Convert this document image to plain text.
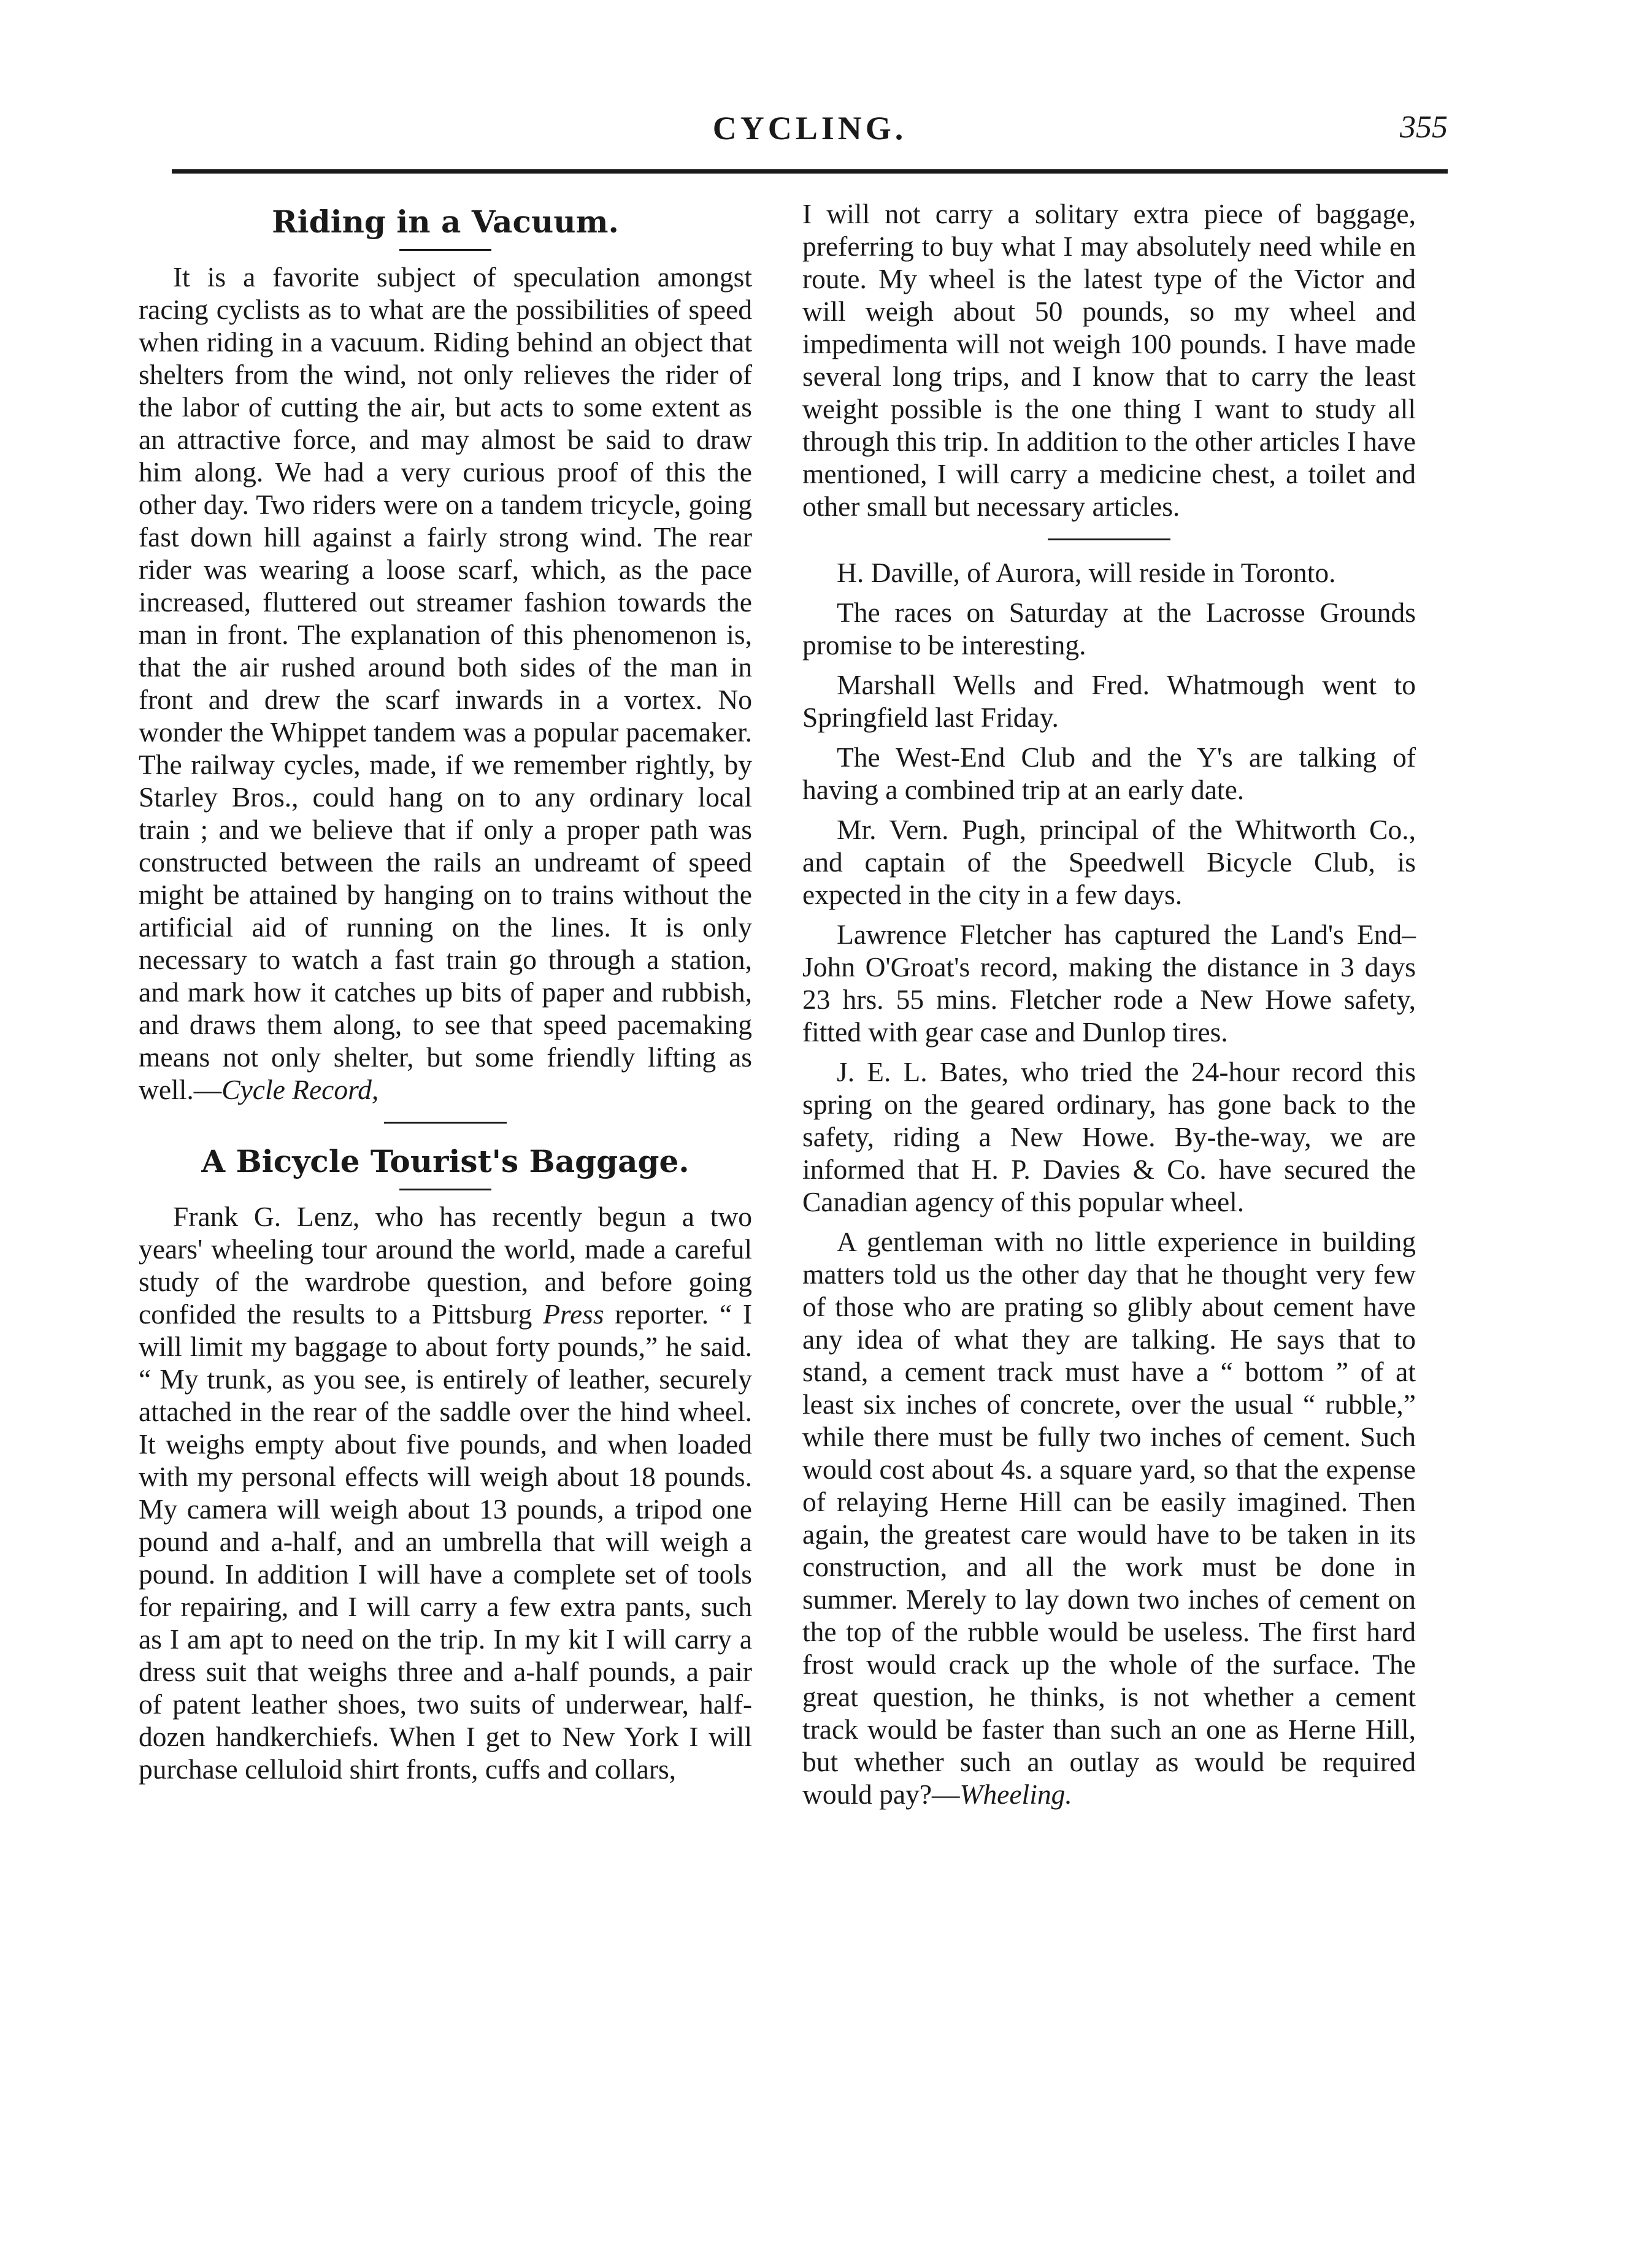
CYCLING.	355
Riding in a Vacuum.

It is a favorite subject of speculation amongst racing cyclists as to what are the possibilities of speed when riding in a vacuum. Riding behind an object that shelters from the wind, not only relieves the rider of the labor of cutting the air, but acts to some extent as an attractive force, and may almost be said to draw him along. We had a very curious proof of this the other day. Two riders were on a tandem tricycle, going fast down hill against a fairly strong wind. The rear rider was wearing a loose scarf, which, as the pace increased, fluttered out streamer fashion towards the man in front. The explanation of this phenomenon is, that the air rushed around both sides of the man in front and drew the scarf inwards in a vortex. No wonder the Whippet tandem was a popular pacemaker. The railway cycles, made, if we remember rightly, by Starley Bros., could hang on to any ordinary local train ; and we believe that if only a proper path was constructed between the rails an undreamt of speed might be attained by hanging on to trains without the artificial aid of running on the lines. It is only necessary to watch a fast train go through a station, and mark how it catches up bits of paper and rubbish, and draws them along, to see that speed pacemaking means not only shelter, but some friendly lifting as well.—Cycle Record,

A Bicycle Tourist's Baggage.

Frank G. Lenz, who has recently begun a two years' wheeling tour around the world, made a careful study of the wardrobe question, and before going confided the results to a Pittsburg Press reporter. “ I will limit my baggage to about forty pounds,” he said. “ My trunk, as you see, is entirely of leather, securely attached in the rear of the saddle over the hind wheel. It weighs empty about five pounds, and when loaded with my personal effects will weigh about 18 pounds. My camera will weigh about 13 pounds, a tripod one pound and a-half, and an umbrella that will weigh a pound. In addition I will have a complete set of tools for repairing, and I will carry a few extra pants, such as I am apt to need on the trip. In my kit I will carry a dress suit that weighs three and a-half pounds, a pair of patent leather shoes, two suits of underwear, half-dozen handkerchiefs. When I get to New York I will purchase celluloid shirt fronts, cuffs and collars,

I will not carry a solitary extra piece of baggage, preferring to buy what I may absolutely need while en route. My wheel is the latest type of the Victor and will weigh about 50 pounds, so my wheel and impedimenta will not weigh 100 pounds. I have made several long trips, and I know that to carry the least weight possible is the one thing I want to study all through this trip. In addition to the other articles I have mentioned, I will carry a medicine chest, a toilet and other small but necessary articles.

H. Daville, of Aurora, will reside in Toronto.

The races on Saturday at the Lacrosse Grounds promise to be interesting.

Marshall Wells and Fred. Whatmough went to Springfield last Friday.

The West-End Club and the Y's are talking of having a combined trip at an early date.

Mr. Vern. Pugh, principal of the Whitworth Co., and captain of the Speedwell Bicycle Club, is expected in the city in a few days.

Lawrence Fletcher has captured the Land's End–John O'Groat's record, making the distance in 3 days 23 hrs. 55 mins. Fletcher rode a New Howe safety, fitted with gear case and Dunlop tires.

J. E. L. Bates, who tried the 24-hour record this spring on the geared ordinary, has gone back to the safety, riding a New Howe. By-the-way, we are informed that H. P. Davies & Co. have secured the Canadian agency of this popular wheel.

A gentleman with no little experience in building matters told us the other day that he thought very few of those who are prating so glibly about cement have any idea of what they are talking. He says that to stand, a cement track must have a “ bottom ” of at least six inches of concrete, over the usual “ rubble,” while there must be fully two inches of cement. Such would cost about 4s. a square yard, so that the expense of relaying Herne Hill can be easily imagined. Then again, the greatest care would have to be taken in its construction, and all the work must be done in summer. Merely to lay down two inches of cement on the top of the rubble would be useless. The first hard frost would crack up the whole of the surface. The great question, he thinks, is not whether a cement track would be faster than such an one as Herne Hill, but whether such an outlay as would be required would pay?—Wheeling.
